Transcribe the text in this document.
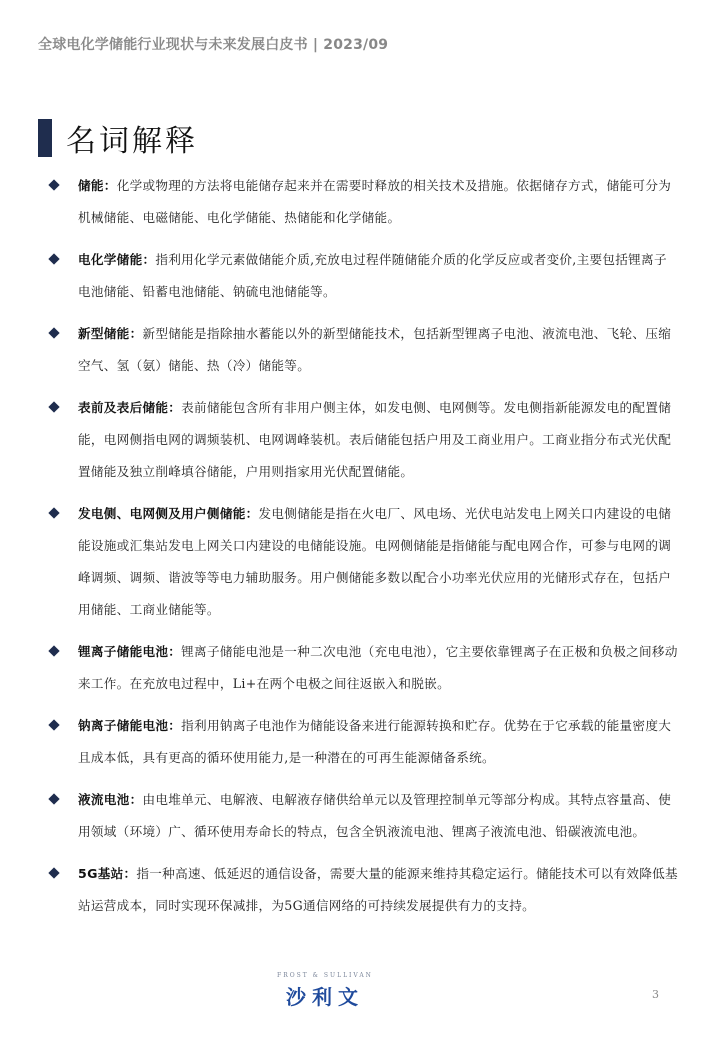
全球电化学储能行业现状与未来发展白皮书 | 2023/09
名词解释
储能：化学或物理的方法将电能储存起来并在需要时释放的相关技术及措施。依据储存方式，储能可分为机械储能、电磁储能、电化学储能、热储能和化学储能。
电化学储能：指利用化学元素做储能介质,充放电过程伴随储能介质的化学反应或者变价,主要包括锂离子电池储能、铅蓄电池储能、钠硫电池储能等。
新型储能：新型储能是指除抽水蓄能以外的新型储能技术，包括新型锂离子电池、液流电池、飞轮、压缩空气、氢（氨）储能、热（冷）储能等。
表前及表后储能：表前储能包含所有非用户侧主体，如发电侧、电网侧等。发电侧指新能源发电的配置储能，电网侧指电网的调频装机、电网调峰装机。表后储能包括户用及工商业用户。工商业指分布式光伏配置储能及独立削峰填谷储能，户用则指家用光伏配置储能。
发电侧、电网侧及用户侧储能：发电侧储能是指在火电厂、风电场、光伏电站发电上网关口内建设的电储能设施或汇集站发电上网关口内建设的电储能设施。电网侧储能是指储能与配电网合作，可参与电网的调峰调频、调频、谐波等等电力辅助服务。用户侧储能多数以配合小功率光伏应用的光储形式存在，包括户用储能、工商业储能等。
锂离子储能电池：锂离子储能电池是一种二次电池（充电电池），它主要依靠锂离子在正极和负极之间移动来工作。在充放电过程中，Li+在两个电极之间往返嵌入和脱嵌。
钠离子储能电池：指利用钠离子电池作为储能设备来进行能源转换和贮存。优势在于它承载的能量密度大且成本低，具有更高的循环使用能力,是一种潜在的可再生能源储备系统。
液流电池：由电堆单元、电解液、电解液存储供给单元以及管理控制单元等部分构成。其特点容量高、使用领域（环境）广、循环使用寿命长的特点，包含全钒液流电池、锂离子液流电池、铅碳液流电池。
5G基站：指一种高速、低延迟的通信设备，需要大量的能源来维持其稳定运行。储能技术可以有效降低基站运营成本，同时实现环保减排，为5G通信网络的可持续发展提供有力的支持。
FROST & SULLIVAN
沙利文	3
